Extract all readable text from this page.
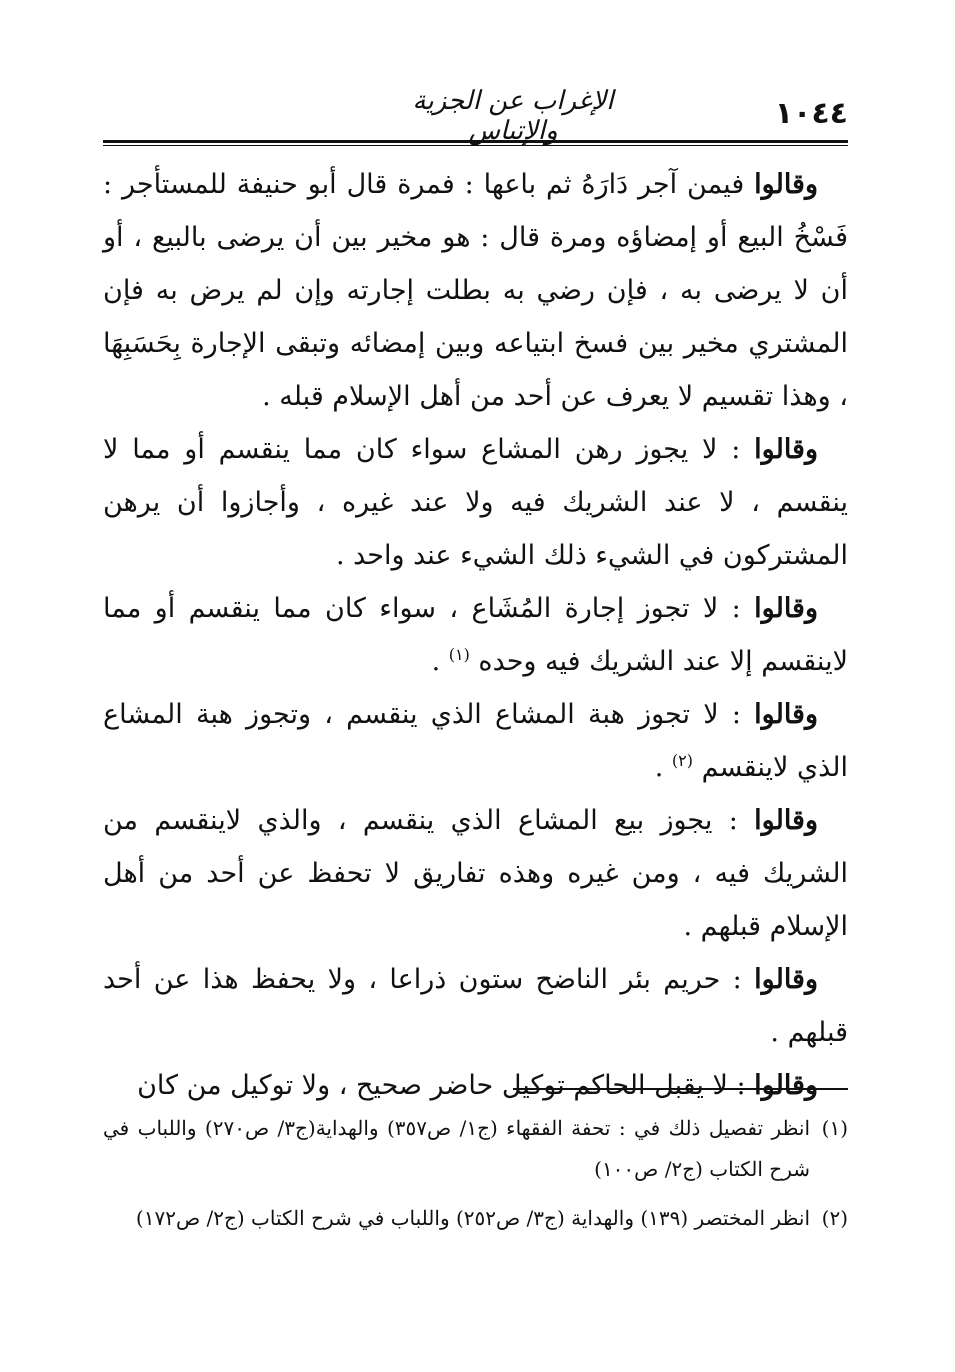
الإغراب عن الجزية والإتباس	١٠٤٤

وقالوا فيمن آجر دَارَهُ ثم باعها : فمرة قال أبو حنيفة للمستأجر : فَسْخُ البيع أو إمضاؤه ومرة قال : هو مخير بين أن يرضى بالبيع ، أو أن لا يرضى به ، فإن رضي به بطلت إجارته وإن لم يرض به فإن المشتري مخير بين فسخ ابتياعه وبين إمضائه وتبقى الإجارة بِحَسَبِهَا ، وهذا تقسيم لا يعرف عن أحد من أهل الإسلام قبله .

وقالوا : لا يجوز رهن المشاع سواء كان مما ينقسم أو مما لا ينقسم ، لا عند الشريك فيه ولا عند غيره ، وأجازوا أن يرهن المشتركون في الشيء ذلك الشيء عند واحد .

وقالوا : لا تجوز إجارة المُشَاع ، سواء كان مما ينقسم أو مما لاينقسم إلا عند الشريك فيه وحده $^{(١)}$ .

وقالوا : لا تجوز هبة المشاع الذي ينقسم ، وتجوز هبة المشاع الذي لاينقسم $^{(٢)}$ .

وقالوا : يجوز بيع المشاع الذي ينقسم ، والذي لاينقسم من الشريك فيه ، ومن غيره وهذه تفاريق لا تحفظ عن أحد من أهل الإسلام قبلهم .

وقالوا : حريم بئر الناضح ستون ذراعا ، ولا يحفظ هذا عن أحد قبلهم .

وقالوا : لا يقبل الحاكم توكيل حاضر صحيح ، ولا توكيل من كان

(١)انظر تفصيل ذلك في : تحفة الفقهاء (ج١/ ص٣٥٧) والهداية(ج٣/ ص٢٧٠) واللباب في شرح الكتاب (ج٢/ ص١٠٠)

(٢)انظر المختصر (١٣٩) والهداية (ج٣/ ص٢٥٢) واللباب في شرح الكتاب (ج٢/ ص١٧٢)
